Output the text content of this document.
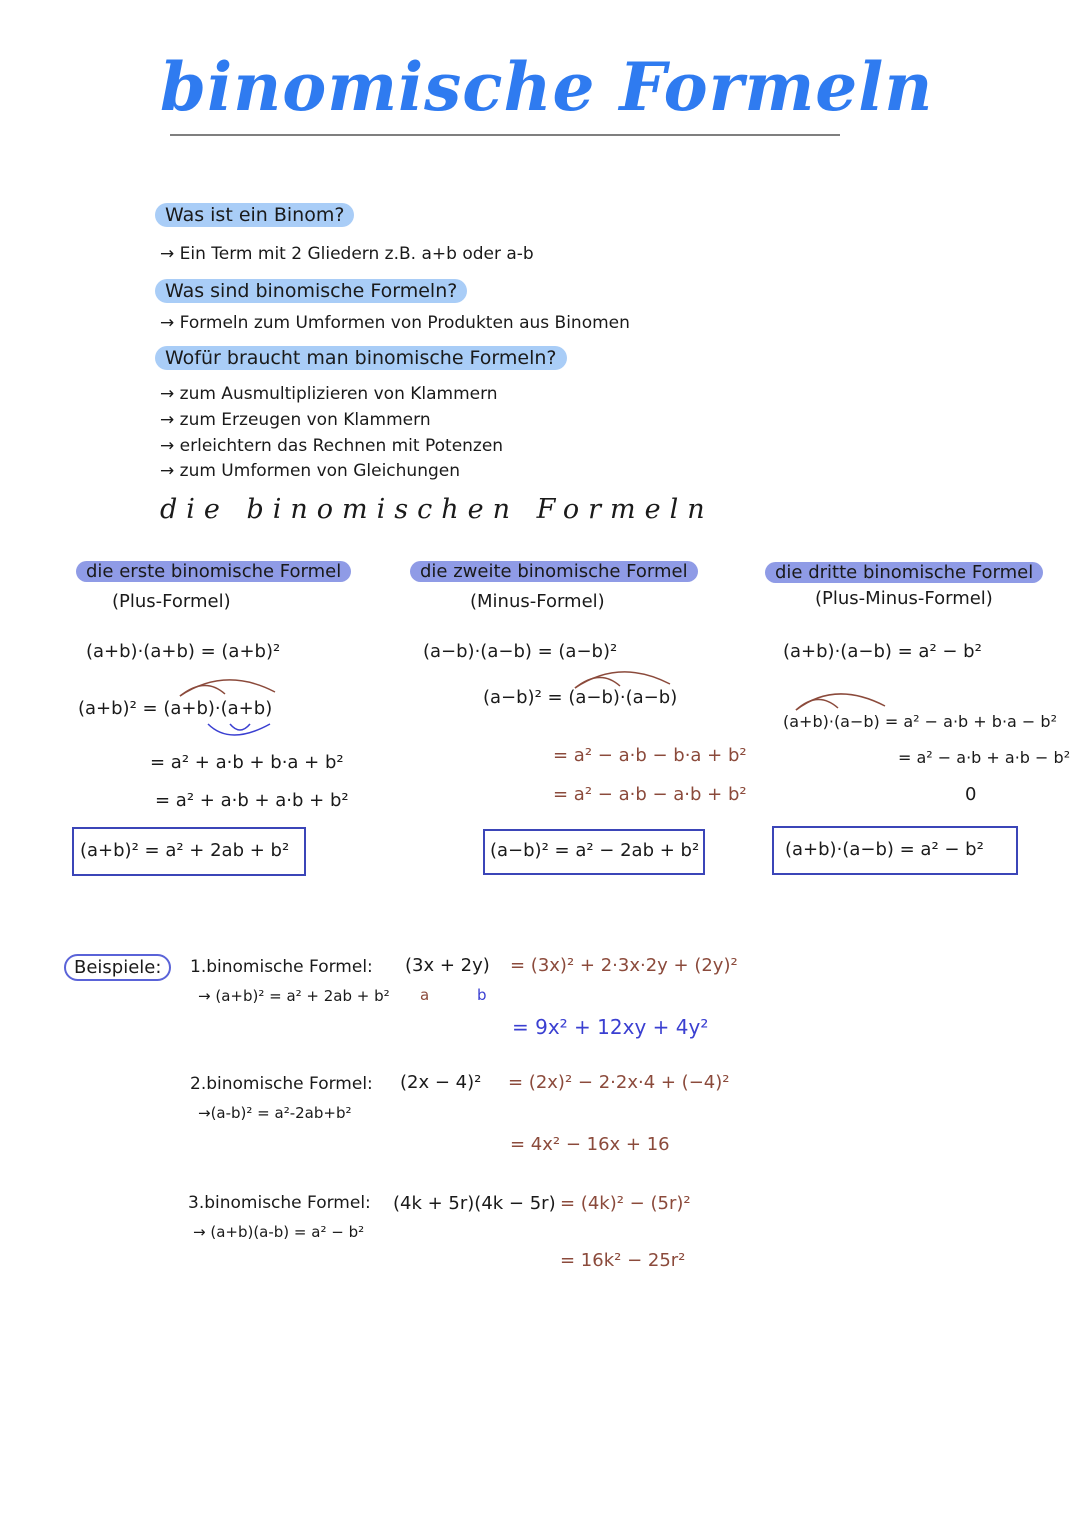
binomische Formeln
Was ist ein Binom?
→ Ein Term mit 2 Gliedern z.B. a+b oder a-b
Was sind binomische Formeln?
→ Formeln zum Umformen von Produkten aus Binomen
Wofür braucht man binomische Formeln?
→ zum Ausmultiplizieren von Klammern
→ zum Erzeugen von Klammern
→ erleichtern das Rechnen mit Potenzen
→ zum Umformen von Gleichungen
die binomischen Formeln
die erste binomische Formel
(Plus-Formel)
(a+b)·(a+b) = (a+b)²
(a+b)² = (a+b)·(a+b)
= a² + a·b + b·a + b²
= a² + a·b + a·b + b²
(a+b)² = a² + 2ab + b²
die zweite binomische Formel
(Minus-Formel)
(a−b)·(a−b) = (a−b)²
(a−b)² = (a−b)·(a−b)
= a² − a·b − b·a + b²
= a² − a·b − a·b + b²
(a−b)² = a² − 2ab + b²
die dritte binomische Formel
(Plus-Minus-Formel)
(a+b)·(a−b) = a² − b²
(a+b)·(a−b) = a² − a·b + b·a − b²
= a² − a·b + a·b − b²
0
(a+b)·(a−b) = a² − b²
Beispiele:	1.binomische Formel: (3x + 2y) = (3x)² + 2·3x·2y + (2y)²
→ (a+b)² = a² + 2ab + b² a	b
= 9x² + 12xy + 4y²
2.binomische Formel: (2x − 4)² = (2x)² − 2·2x·4 + (−4)²
→(a-b)² = a²-2ab+b²
= 4x² − 16x + 16
3.binomische Formel: (4k + 5r)(4k − 5r) = (4k)² − (5r)²
→ (a+b)(a-b) = a² − b²
= 16k² − 25r²
